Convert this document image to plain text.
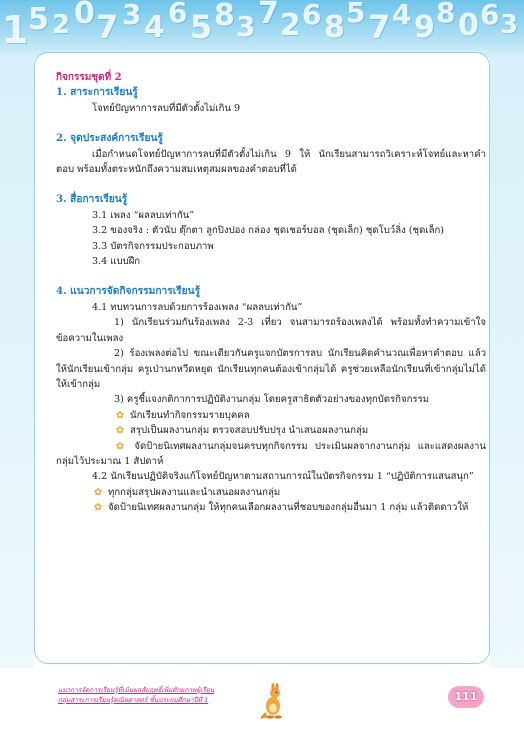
1 5 2 0 7 3 4 6 5 8 3 7 2 6 8 5 7 4 9 8 0 6 3

กิจกรรมชุดที่ 2

1. สาระการเรียนรู้

โจทย์ปัญหาการลบที่มีตัวตั้งไม่เกิน 9

2. จุดประสงค์การเรียนรู้

เมื่อกำหนดโจทย์ปัญหาการลบที่มีตัวตั้งไม่เกิน 9 ให้ นักเรียนสามารถวิเคราะห์โจทย์และหาคำตอบ พร้อมทั้งตระหนักถึงความสมเหตุสมผลของคำตอบที่ได้

3. สื่อการเรียนรู้

3.1 เพลง “ผลลบเท่ากัน”

3.2 ของจริง : ตัวนับ ตุ๊กตา ลูกปิงปอง กล่อง ชุดเชอร์บอล (ชุดเล็ก) ชุดโบว์ลิ่ง (ชุดเล็ก)

3.3 บัตรกิจกรรมประกอบภาพ

3.4 แบบฝึก

4. แนวการจัดกิจกรรมการเรียนรู้

4.1 ทบทวนการลบด้วยการร้องเพลง “ผลลบเท่ากัน”

1) นักเรียนร่วมกันร้องเพลง 2-3 เที่ยว จนสามารถร้องเพลงได้ พร้อมทั้งทำความเข้าใจข้อความในเพลง

2) ร้องเพลงต่อไป ขณะเดียวกันครูแจกบัตรการลบ นักเรียนคิดคำนวณเพื่อหาคำตอบ แล้วให้นักเรียนเข้ากลุ่ม ครูเป่านกหวีดหยุด นักเรียนทุกคนต้องเข้ากลุ่มได้ ครูช่วยเหลือนักเรียนที่เข้ากลุ่มไม่ได้ให้เข้ากลุ่ม

3) ครูชี้แจงกติกาการปฏิบัติงานกลุ่ม โดยครูสาธิตตัวอย่างของทุกบัตรกิจกรรม

✿ นักเรียนทำกิจกรรมรายบุคคล

✿ สรุปเป็นผลงานกลุ่ม ตรวจสอบปรับปรุง นำเสนอผลงานกลุ่ม

✿ จัดป้ายนิเทศผลงานกลุ่มจนครบทุกกิจกรรม ประเมินผลจากงานกลุ่ม และแสดงผลงานกลุ่มไว้ประมาณ 1 สัปดาห์

4.2 นักเรียนปฏิบัติจริงแก้โจทย์ปัญหาตามสถานการณ์ในบัตรกิจกรรม 1 “ปฏิบัติการแสนสนุก”

✿ ทุกกลุ่มสรุปผลงานและนำเสนอผลงานกลุ่ม

✿ จัดป้ายนิเทศผลงานกลุ่ม ให้ทุกคนเลือกผลงานที่ชอบของกลุ่มอื่นมา 1 กลุ่ม แล้วติดดาวให้

แนวการจัดการเรียนรู้ที่เน้นผลสัมฤทธิ์เพิ่มศักยภาพผู้เรียน
กลุ่มสาระการเรียนรู้คณิตศาสตร์ ชั้นประถมศึกษาปีที่ 1	111
